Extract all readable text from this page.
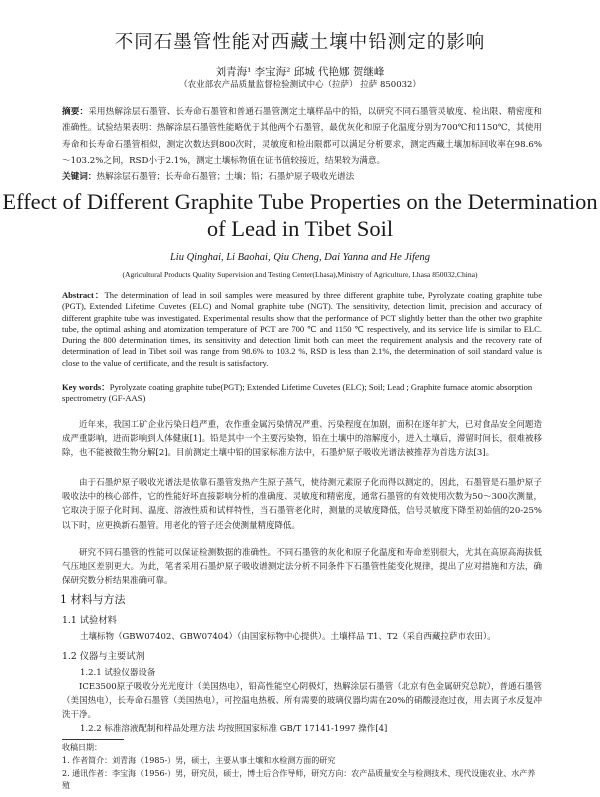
不同石墨管性能对西藏土壤中铅测定的影响
刘青海¹ 李宝海² 邱城 代艳娜 贺继峰
（农业部农产品质量监督检验测试中心（拉萨） 拉萨 850032）
摘要：采用热解涂层石墨管、长寿命石墨管和普通石墨管测定土壤样品中的铅，以研究不同石墨管灵敏度、检出限、精密度和准确性。试验结果表明：热解涂层石墨管性能略优于其他两个石墨管，最优灰化和原子化温度分别为700℃和1150℃，其使用寿命和长寿命石墨管相似，测定次数达到800次时，灵敏度和检出限都可以满足分析要求，测定西藏土壤加标回收率在98.6%～103.2%之间，RSD小于2.1%，测定土壤标物值在证书值较接近，结果较为满意。
关键词：热解涂层石墨管；长寿命石墨管；土壤；铅；石墨炉原子吸收光谱法
Effect of Different Graphite Tube Properties on the Determination
of Lead in Tibet Soil
Liu Qinghai, Li Baohai, Qiu Cheng, Dai Yanna and He Jifeng
(Agricultural Products Quality Supervision and Testing Center(Lhasa),Ministry of Agriculture, Lhasa 850032,China)
Abstract：The determination of lead in soil samples were measured by three different graphite tube, Pyrolyzate coating graphite tube (PGT), Extended Lifetime Cuvetes (ELC) and Nomal graphite tube (NGT). The sensitivity, detection limit, precision and accuracy of different graphite tube was investigated. Experimental results show that the performance of PCT slightly better than the other two graphite tube, the optimal ashing and atomization temperature of PCT are 700 ℃ and 1150 ℃ respectively, and its service life is similar to ELC. During the 800 determination times, its sensitivity and detection limit both can meet the requirement analysis and the recovery rate of determination of lead in Tibet soil was range from 98.6% to 103.2 %, RSD is less than 2.1%, the determination of soil standard value is close to the value of certificate, and the result is satisfactory.
Key words：Pyrolyzate coating graphite tube(PGT); Extended Lifetime Cuvetes (ELC); Soil; Lead ; Graphite furnace atomic absorption spectrometry (GF-AAS)
近年来，我国工矿企业污染日趋严重，农作重金属污染情况严重、污染程度在加剧，面积在逐年扩大，已对食品安全问题造成严重影响，进而影响到人体健康[1]。铅是其中一个主要污染物，铅在土壤中的溶解度小，进入土壤后，滞留时间长，很难被移除，也不能被微生物分解[2]。目前测定土壤中铅的国家标准方法中，石墨炉原子吸收光谱法被推荐为首选方法[3]。
由于石墨炉原子吸收光谱法是依靠石墨管发热产生原子蒸气，使待测元素原子化而得以测定的，因此，石墨管是石墨炉原子吸收法中的核心部件，它的性能好坏直接影响分析的准确度、灵敏度和精密度，通常石墨管的有效使用次数为50～300次测量，它取决于原子化时间、温度、溶液性质和试样特性，当石墨管老化时，测量的灵敏度降低，信号灵敏度下降至初始值的20-25%以下时，应更换新石墨管。用老化的管子还会使测量精度降低。
研究不同石墨管的性能可以保证检测数据的准确性。不同石墨管的灰化和原子化温度和寿命差别很大，尤其在高原高海拔低气压地区差别更大。为此，笔者采用石墨炉原子吸收谱测定法分析不同条件下石墨管性能变化规律，提出了应对措施和方法，确保研究数分析结果准确可靠。
1 材料与方法
1.1 试验材料
土壤标物（GBW07402、GBW07404）（由国家标物中心提供）。土壤样品 T1、T2（采自西藏拉萨市农田）。
1.2 仪器与主要试剂
1.2.1 试验仪器设备
ICE3500原子吸收分光光度计（美国热电），铅高性能空心阴极灯，热解涂层石墨管（北京有色金属研究总院），普通石墨管（美国热电），长寿命石墨管（美国热电），可控温电热板、所有需要的玻璃仪器均需在20%的硝酸浸泡过夜，用去离子水反复冲洗干净。
1.2.2 标准溶液配制和样品处理方法 均按照国家标准 GB/T 17141-1997 操作[4]
收稿日期：
1. 作者简介：刘青海（1985-）男，硕士，主要从事土壤和水检测方面的研究
2. 通讯作者：李宝海（1956-）男，研究员，硕士，博士后合作导师，研究方向：农产品质量安全与检测技术、现代设施农业、水产养殖
